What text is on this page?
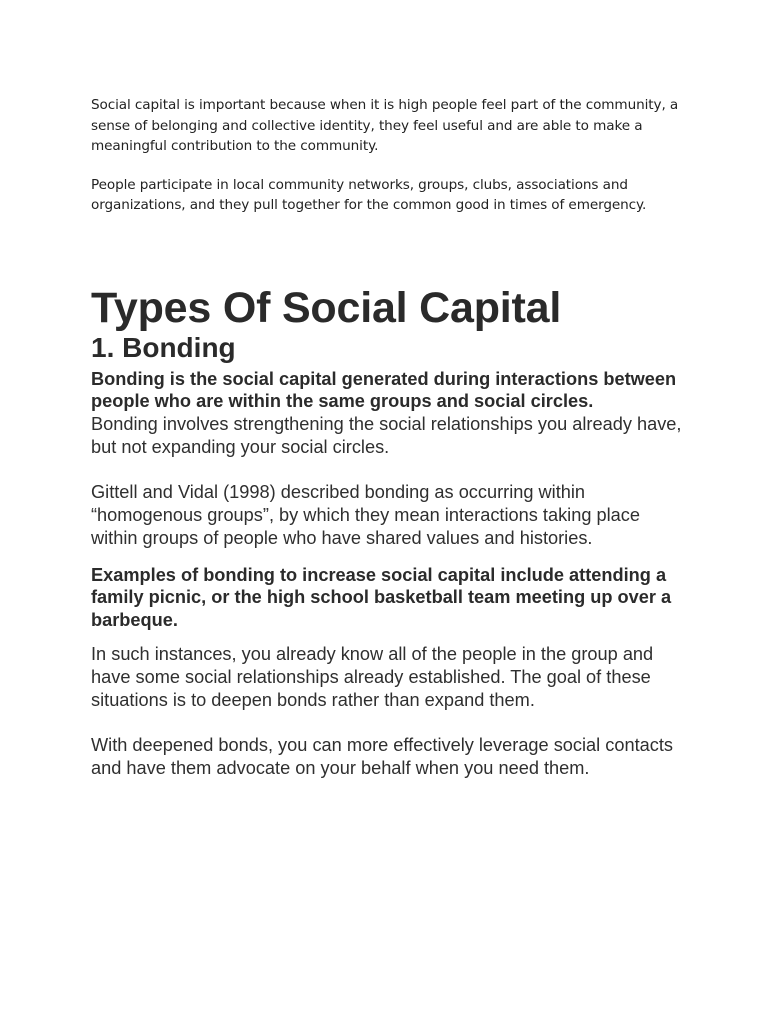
Social capital is important because when it is high people feel part of the community, a sense of belonging and collective identity, they feel useful and are able to make a meaningful contribution to the community.

People participate in local community networks, groups, clubs, associations and organizations, and they pull together for the common good in times of emergency.

Types Of Social Capital
1. Bonding

Bonding is the social capital generated during interactions between people who are within the same groups and social circles.

Bonding involves strengthening the social relationships you already have, but not expanding your social circles.

Gittell and Vidal (1998) described bonding as occurring within “homogenous groups”, by which they mean interactions taking place within groups of people who have shared values and histories.

Examples of bonding to increase social capital include attending a family picnic, or the high school basketball team meeting up over a barbeque.

In such instances, you already know all of the people in the group and have some social relationships already established. The goal of these situations is to deepen bonds rather than expand them.

With deepened bonds, you can more effectively leverage social contacts and have them advocate on your behalf when you need them.
